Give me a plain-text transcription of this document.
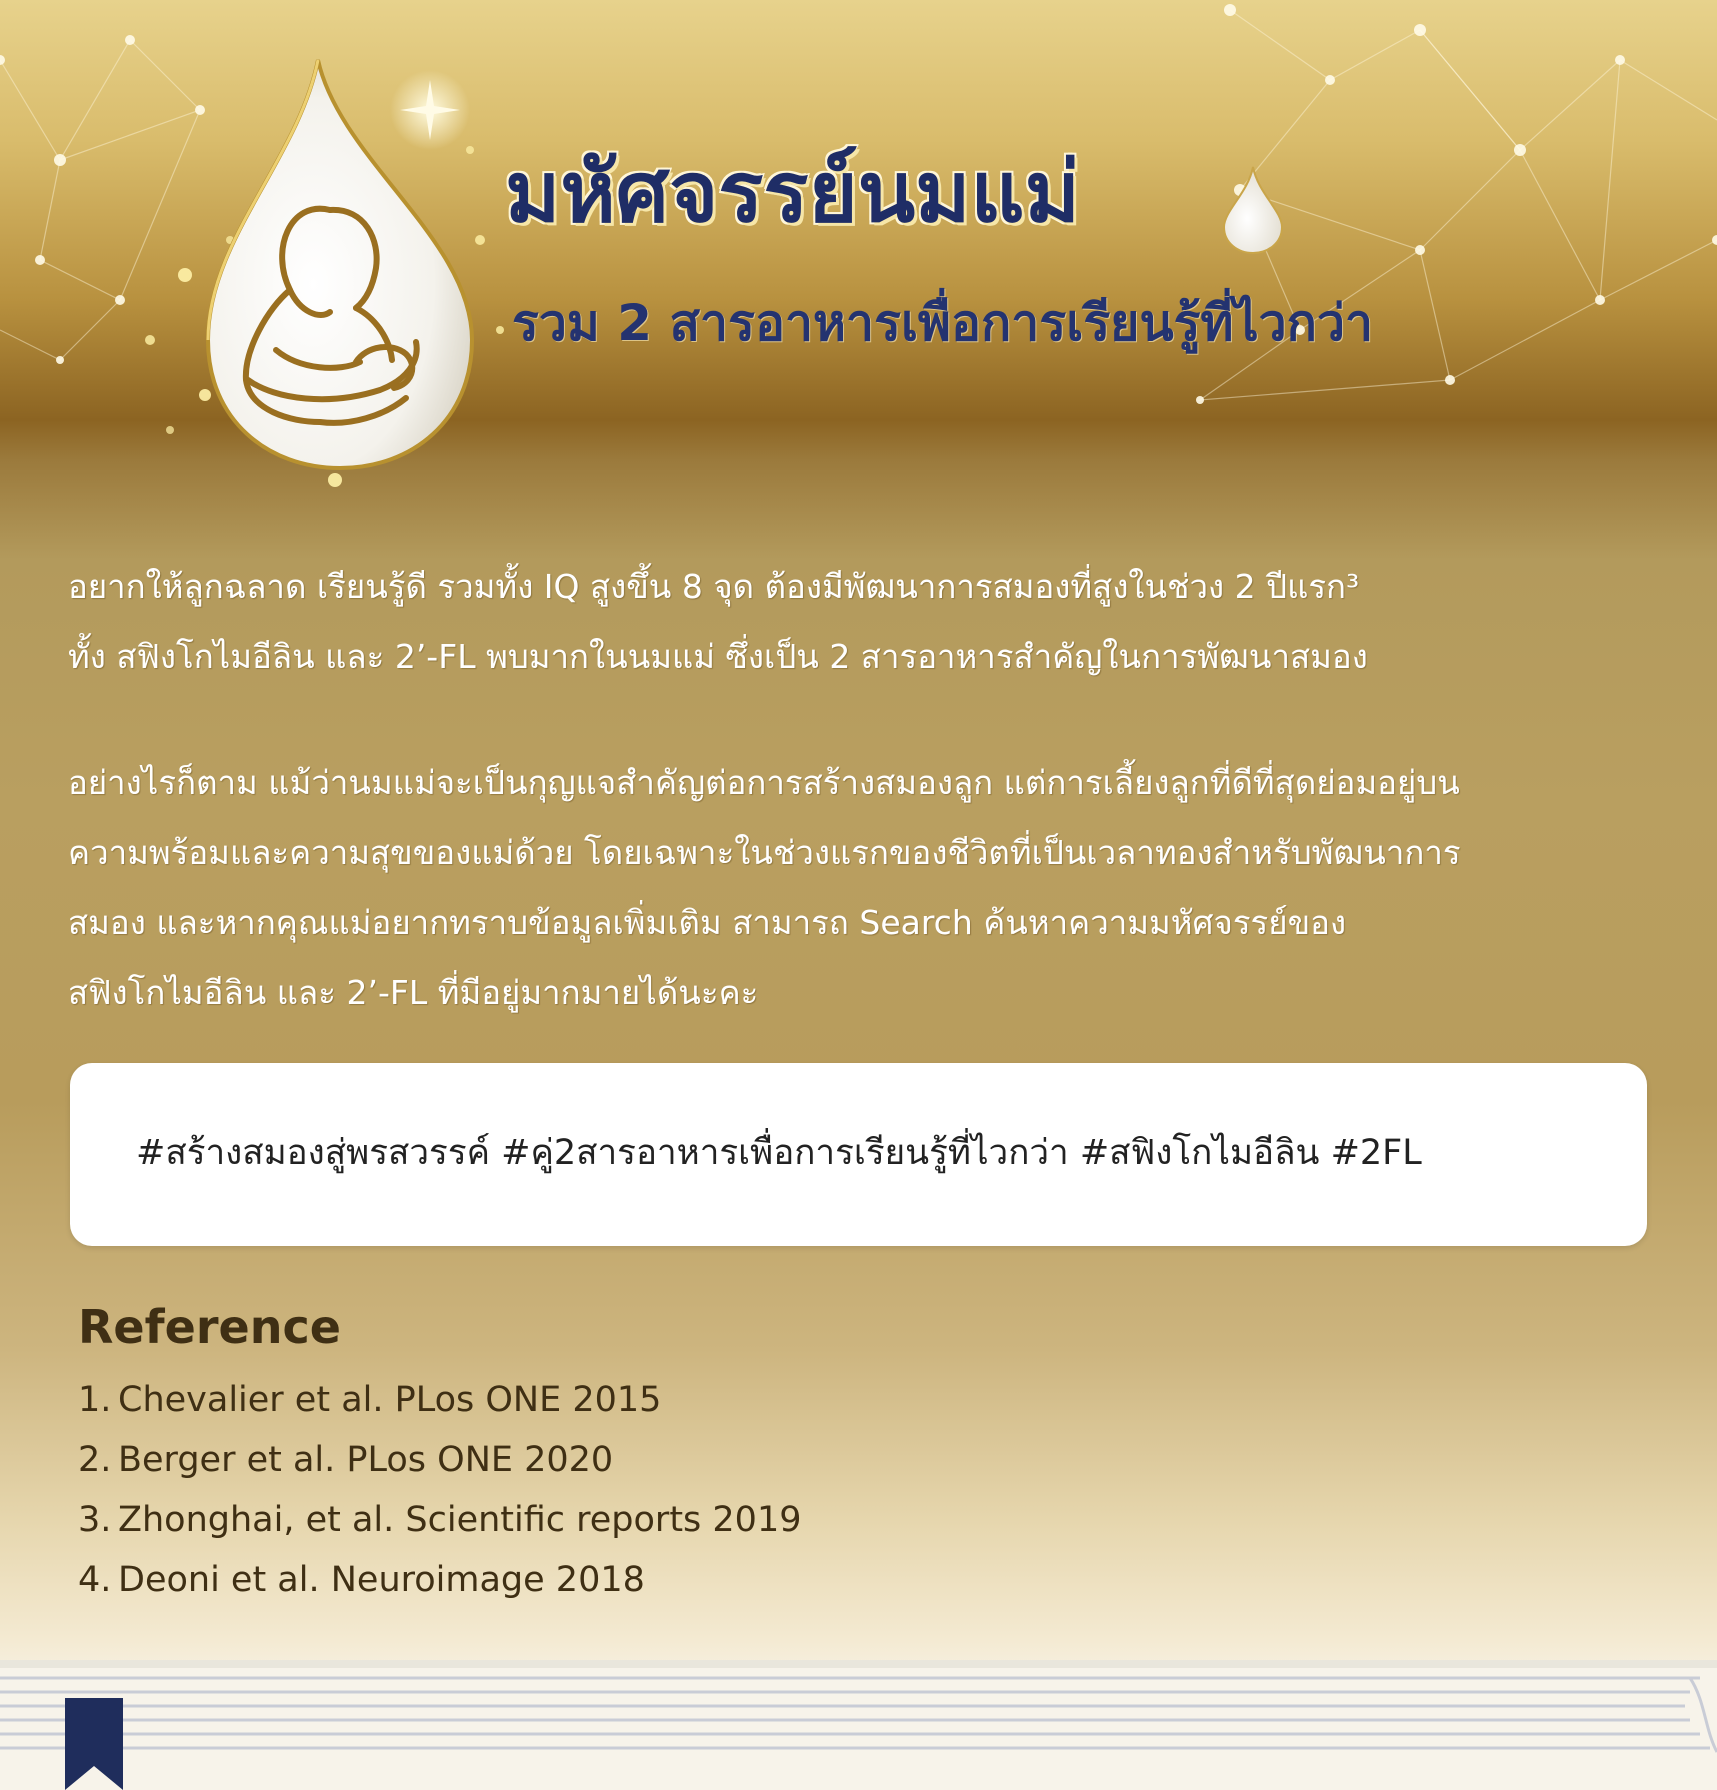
มหัศจรรย์นมแม่
รวม 2 สารอาหารเพื่อการเรียนรู้ที่ไวกว่า
อยากให้ลูกฉลาด เรียนรู้ดี รวมทั้ง IQ สูงขึ้น 8 จุด ต้องมีพัฒนาการสมองที่สูงในช่วง 2 ปีแรก³
ทั้ง สฟิงโกไมอีลิน และ 2’-FL พบมากในนมแม่ ซึ่งเป็น 2 สารอาหารสำคัญในการพัฒนาสมอง
อย่างไรก็ตาม แม้ว่านมแม่จะเป็นกุญแจสำคัญต่อการสร้างสมองลูก แต่การเลี้ยงลูกที่ดีที่สุดย่อมอยู่บน
ความพร้อมและความสุขของแม่ด้วย โดยเฉพาะในช่วงแรกของชีวิตที่เป็นเวลาทองสำหรับพัฒนาการ
สมอง และหากคุณแม่อยากทราบข้อมูลเพิ่มเติม สามารถ Search ค้นหาความมหัศจรรย์ของ
สฟิงโกไมอีลิน และ 2’-FL ที่มีอยู่มากมายได้นะคะ
#สร้างสมองสู่พรสวรรค์ #คู่2สารอาหารเพื่อการเรียนรู้ที่ไวกว่า #สฟิงโกไมอีลิน #2FL
Reference
1. Chevalier et al. PLos ONE 2015
2. Berger et al. PLos ONE 2020
3. Zhonghai, et al. Scientific reports 2019
4. Deoni et al. Neuroimage 2018
